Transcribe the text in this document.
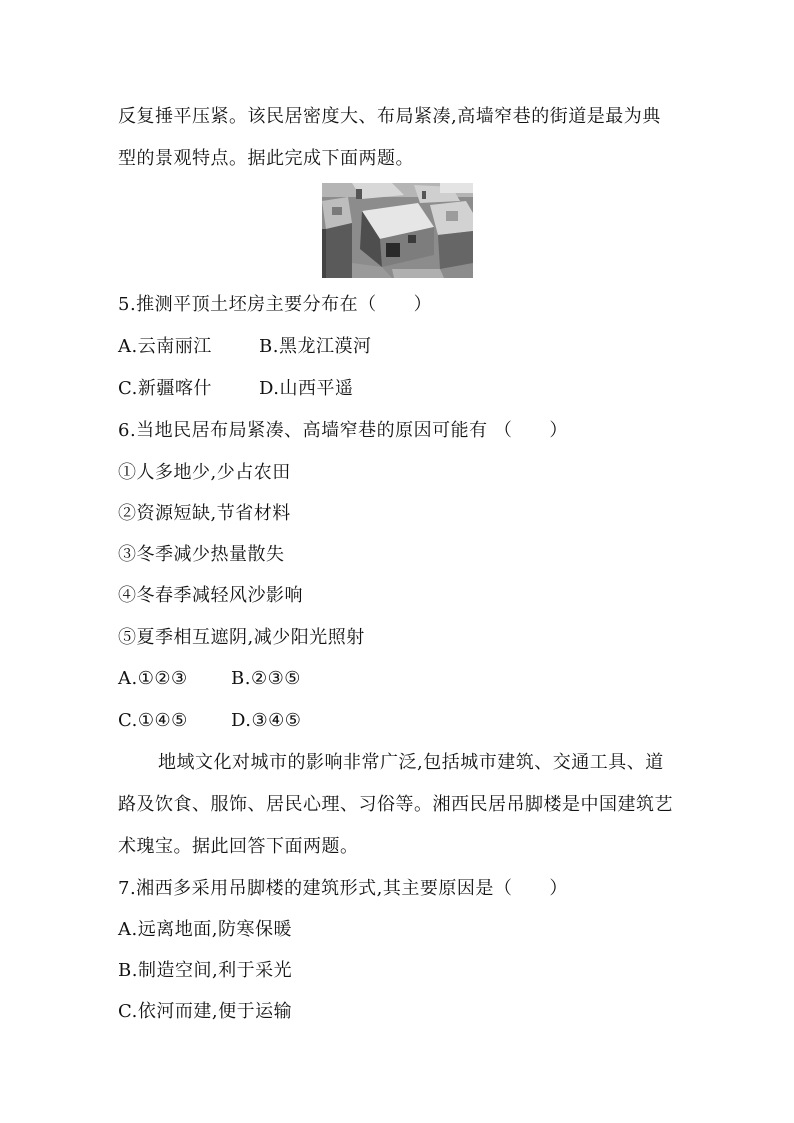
反复捶平压紧。该民居密度大、布局紧凑,高墙窄巷的街道是最为典
型的景观特点。据此完成下面两题。
5.推测平顶土坯房主要分布在（　　）
A.云南丽江	B.黑龙江漠河
C.新疆喀什	D.山西平遥
6.当地民居布局紧凑、高墙窄巷的原因可能有 （　　）
①人多地少,少占农田
②资源短缺,节省材料
③冬季减少热量散失
④冬春季减轻风沙影响
⑤夏季相互遮阴,减少阳光照射
A.①②③ B.②③⑤
C.①④⑤ D.③④⑤
地域文化对城市的影响非常广泛,包括城市建筑、交通工具、道
路及饮食、服饰、居民心理、习俗等。湘西民居吊脚楼是中国建筑艺
术瑰宝。据此回答下面两题。
7.湘西多采用吊脚楼的建筑形式,其主要原因是（　　）
A.远离地面,防寒保暖
B.制造空间,利于采光
C.依河而建,便于运输
